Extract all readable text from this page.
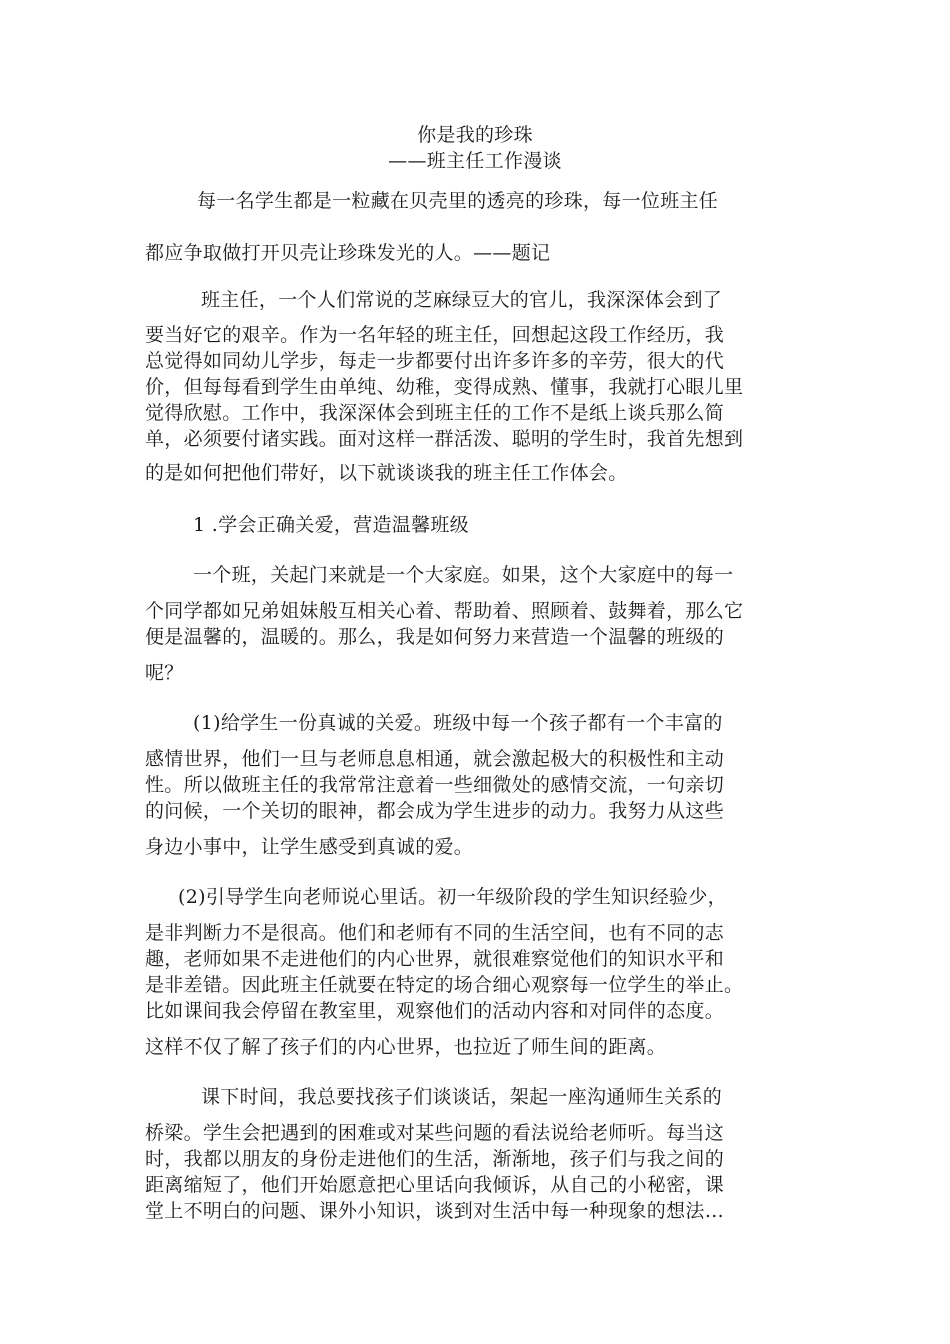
你是我的珍珠
——班主任工作漫谈
每一名学生都是一粒藏在贝壳里的透亮的珍珠，每一位班主任
都应争取做打开贝壳让珍珠发光的人。——题记
班主任，一个人们常说的芝麻绿豆大的官儿，我深深体会到了
要当好它的艰辛。作为一名年轻的班主任，回想起这段工作经历，我
总觉得如同幼儿学步，每走一步都要付出许多许多的辛劳，很大的代
价，但每每看到学生由单纯、幼稚，变得成熟、懂事，我就打心眼儿里
觉得欣慰。工作中，我深深体会到班主任的工作不是纸上谈兵那么简
单，必须要付诸实践。面对这样一群活泼、聪明的学生时，我首先想到
的是如何把他们带好，以下就谈谈我的班主任工作体会。
1 .学会正确关爱，营造温馨班级
一个班，关起门来就是一个大家庭。如果，这个大家庭中的每一
个同学都如兄弟姐妹般互相关心着、帮助着、照顾着、鼓舞着，那么它
便是温馨的，温暖的。那么，我是如何努力来营造一个温馨的班级的
呢？
(1)给学生一份真诚的关爱。班级中每一个孩子都有一个丰富的
感情世界，他们一旦与老师息息相通，就会激起极大的积极性和主动
性。所以做班主任的我常常注意着一些细微处的感情交流，一句亲切
的问候，一个关切的眼神，都会成为学生进步的动力。我努力从这些
身边小事中，让学生感受到真诚的爱。
(2)引导学生向老师说心里话。初一年级阶段的学生知识经验少，
是非判断力不是很高。他们和老师有不同的生活空间，也有不同的志
趣，老师如果不走进他们的内心世界，就很难察觉他们的知识水平和
是非差错。因此班主任就要在特定的场合细心观察每一位学生的举止。
比如课间我会停留在教室里，观察他们的活动内容和对同伴的态度。
这样不仅了解了孩子们的内心世界，也拉近了师生间的距离。
课下时间，我总要找孩子们谈谈话，架起一座沟通师生关系的
桥梁。学生会把遇到的困难或对某些问题的看法说给老师听。每当这
时，我都以朋友的身份走进他们的生活，渐渐地，孩子们与我之间的
距离缩短了，他们开始愿意把心里话向我倾诉，从自己的小秘密，课
堂上不明白的问题、课外小知识，谈到对生活中每一种现象的想法…
